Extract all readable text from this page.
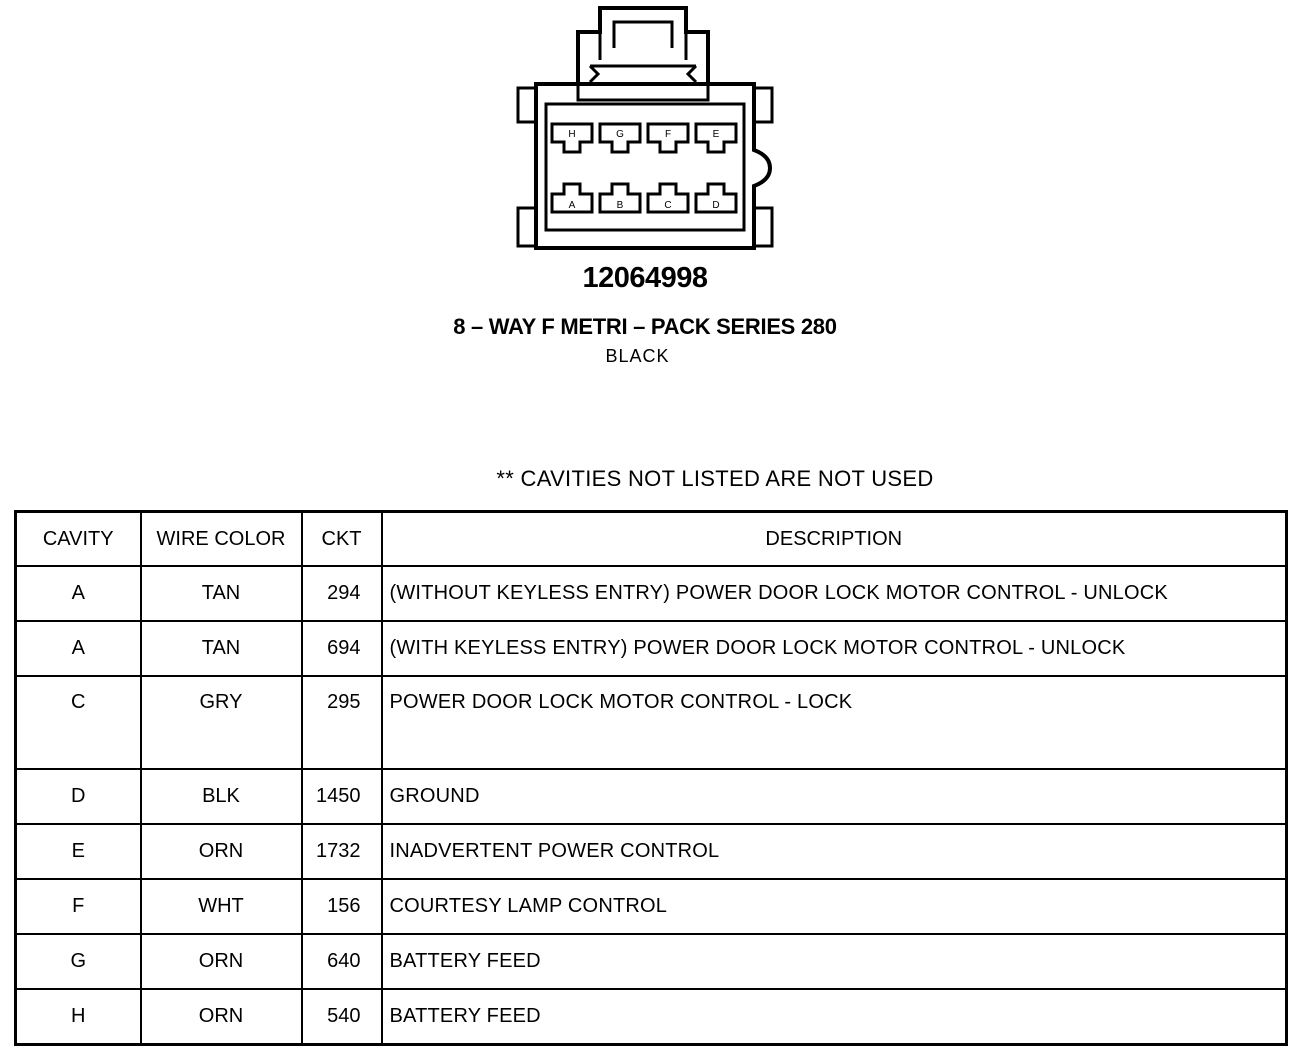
H	G	F	E
A	B	C	D
12064998
8 – WAY F METRI – PACK SERIES 280
BLACK
** CAVITIES NOT LISTED ARE NOT USED
CAVITY	WIRE COLOR	CKT	DESCRIPTION
A	TAN	294	(WITHOUT KEYLESS ENTRY) POWER DOOR LOCK MOTOR CONTROL - UNLOCK
A	TAN	694	(WITH KEYLESS ENTRY) POWER DOOR LOCK MOTOR CONTROL - UNLOCK
C	GRY	295	POWER DOOR LOCK MOTOR CONTROL - LOCK
D	BLK	1450	GROUND
E	ORN	1732	INADVERTENT POWER CONTROL
F	WHT	156	COURTESY LAMP CONTROL
G	ORN	640	BATTERY FEED
H	ORN	540	BATTERY FEED
